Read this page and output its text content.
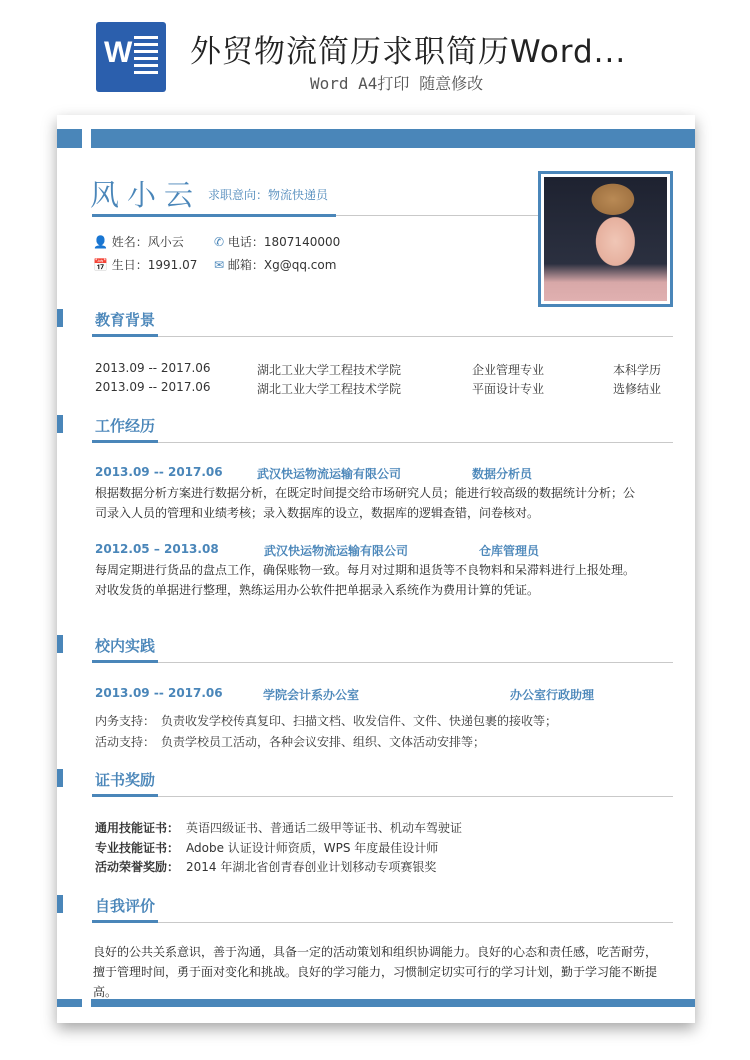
W 外贸物流简历求职简历Word...
Word A4打印 随意修改
风小云 求职意向：物流快递员
👤 姓名：风小云
📅 生日：1991.07
✆ 电话：1807140000
✉ 邮箱：Xg@qq.com
教育背景
2013.09 -- 2017.06	湖北工业大学工程技术学院	企业管理专业	本科学历
2013.09 -- 2017.06	湖北工业大学工程技术学院	平面设计专业	选修结业
工作经历
2013.09 -- 2017.06	武汉快运物流运输有限公司	数据分析员
根据数据分析方案进行数据分析，在既定时间提交给市场研究人员；能进行较高级的数据统计分析；公司录入人员的管理和业绩考核；录入数据库的设立，数据库的逻辑查错，问卷核对。
2012.05 – 2013.08	武汉快运物流运输有限公司	仓库管理员
每周定期进行货品的盘点工作，确保账物一致。每月对过期和退货等不良物料和呆滞料进行上报处理。对收发货的单据进行整理，熟练运用办公软件把单据录入系统作为费用计算的凭证。
校内实践
2013.09 -- 2017.06	学院会计系办公室	办公室行政助理
内务支持： 负责收发学校传真复印、扫描文档、收发信件、文件、快递包裹的接收等；
活动支持： 负责学校员工活动，各种会议安排、组织、文体活动安排等；
证书奖励
通用技能证书： 英语四级证书、普通话二级甲等证书、机动车驾驶证
专业技能证书： Adobe 认证设计师资质，WPS 年度最佳设计师
活动荣誉奖励： 2014 年湖北省创青春创业计划移动专项赛银奖
自我评价
良好的公共关系意识，善于沟通，具备一定的活动策划和组织协调能力。良好的心态和责任感，吃苦耐劳，擅于管理时间，勇于面对变化和挑战。良好的学习能力，习惯制定切实可行的学习计划，勤于学习能不断提高。
